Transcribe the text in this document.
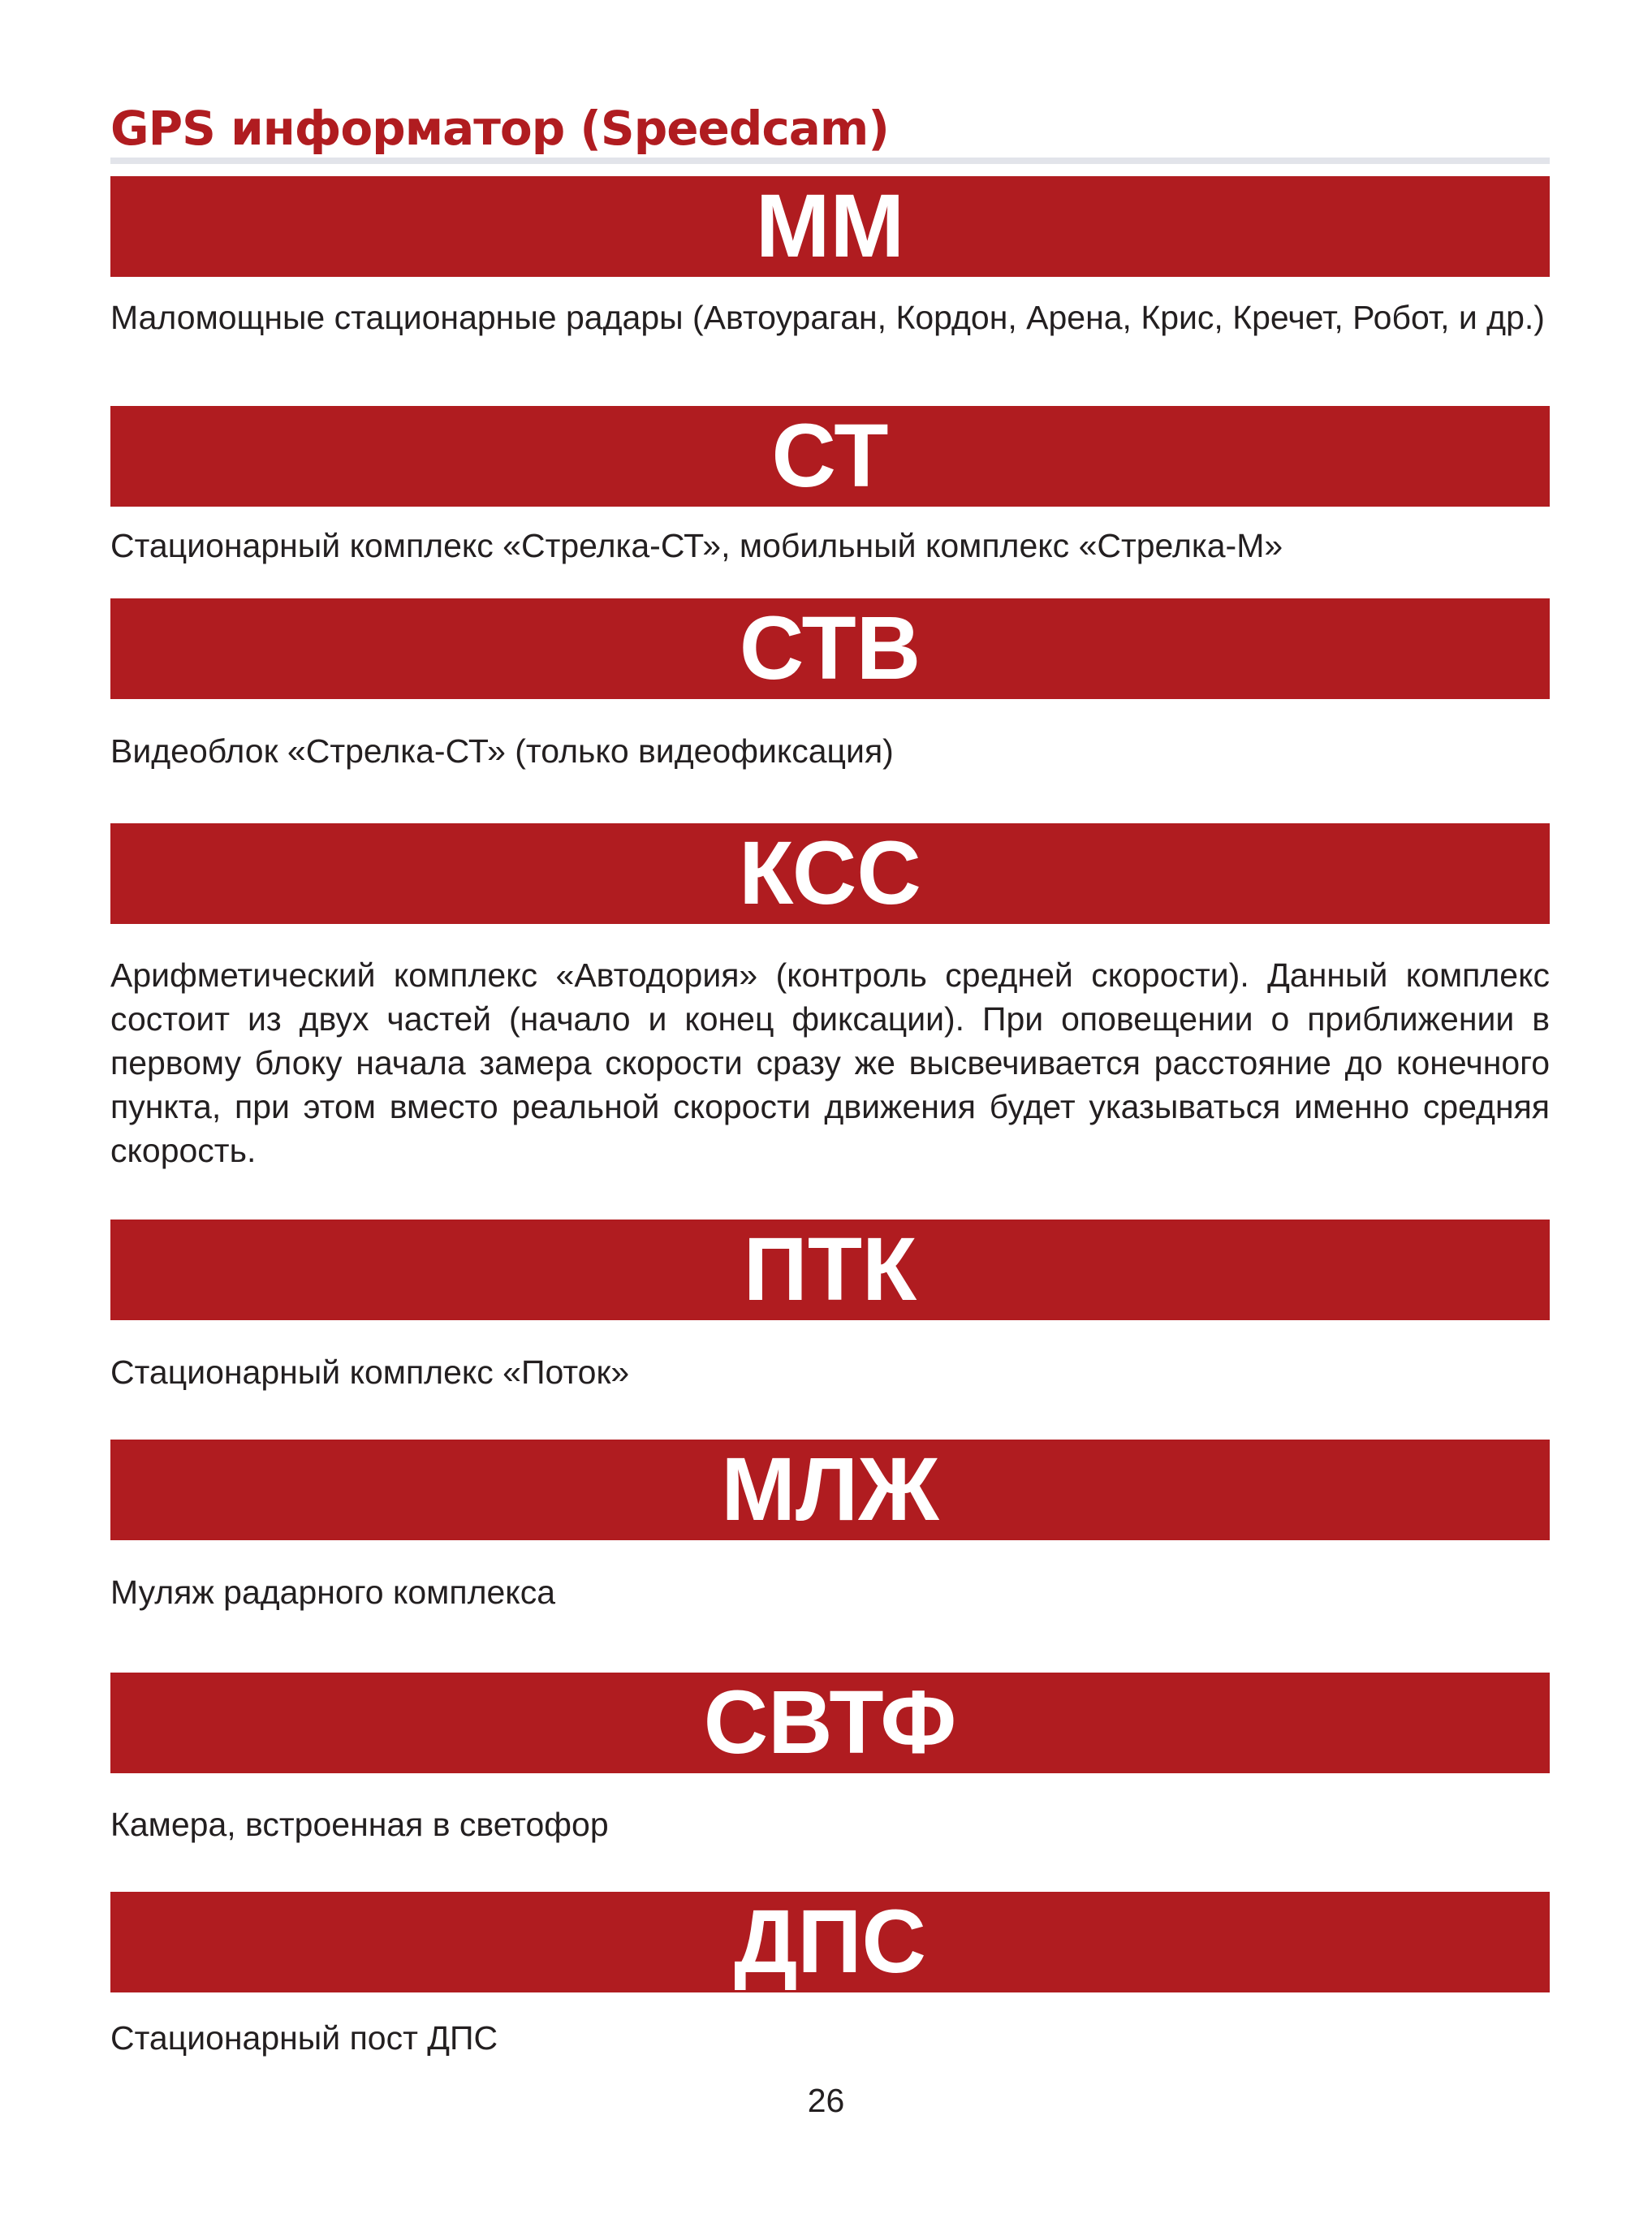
GPS информатор (Speedcam)
ММ
Маломощные стационарные радары (Автоураган, Кордон, Арена, Крис, Кречет, Робот, и др.)
СТ
Стационарный комплекс «Стрелка-СТ», мобильный комплекс «Стрелка-М»
СТВ
Видеоблок «Стрелка-СТ» (только видеофиксация)
КСС
Арифметический комплекс «Автодория» (контроль средней скорости). Данный комплекс состоит из двух частей (начало и конец фиксации). При оповещении о приближении в первому блоку начала замера скорости сразу же высвечивается расстояние до конечного пункта, при этом вместо реальной скорости движения будет указываться именно средняя скорость.
ПТК
Стационарный комплекс «Поток»
МЛЖ
Муляж радарного комплекса
СВТФ
Камера, встроенная в светофор
ДПС
Стационарный пост ДПС
26
